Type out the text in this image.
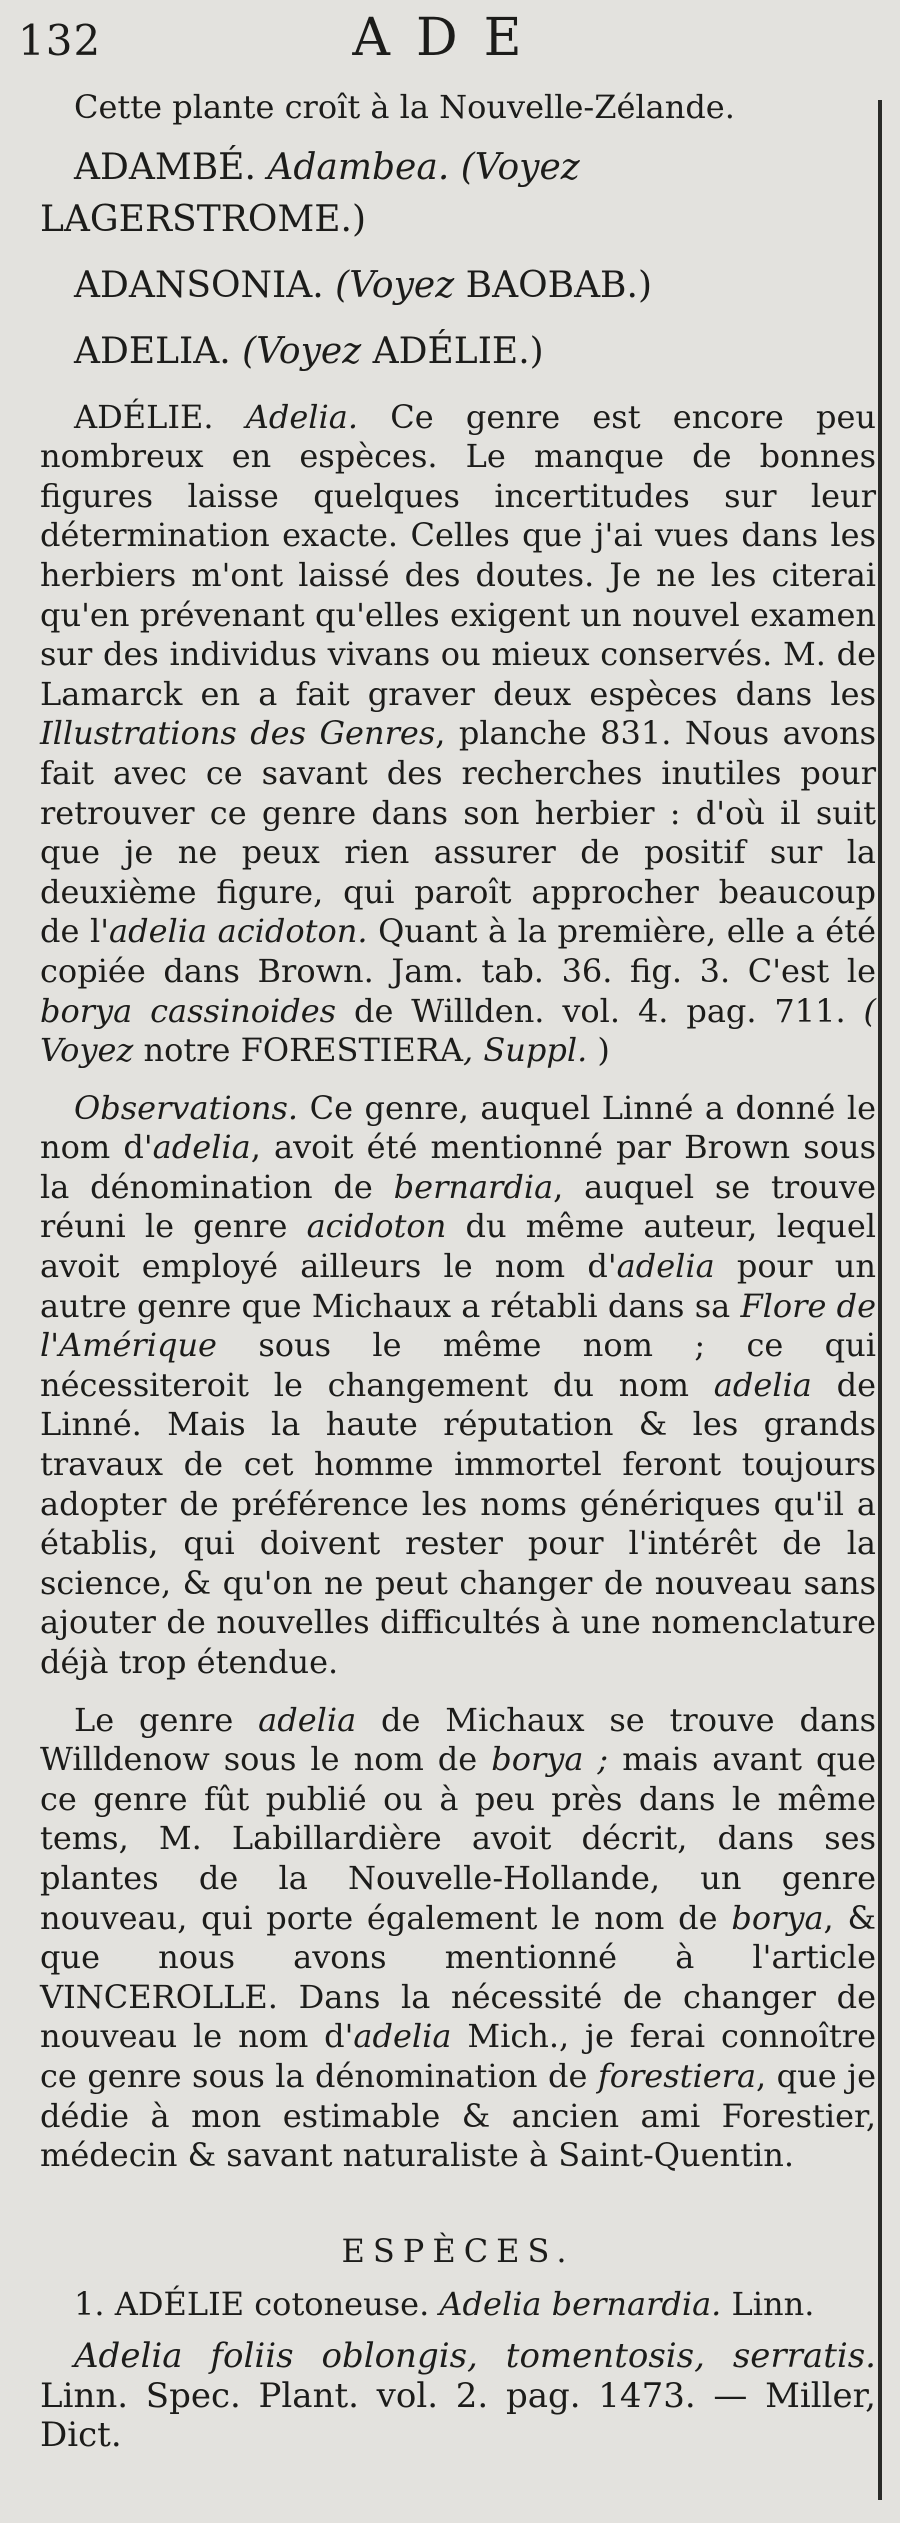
132	ADE

Cette plante croît à la Nouvelle-Zélande.

ADAMBÉ. Adambea. (Voyez LAGERSTROME.)

ADANSONIA. (Voyez BAOBAB.)

ADELIA. (Voyez ADÉLIE.)

ADÉLIE. Adelia. Ce genre est encore peu nombreux en espèces. Le manque de bonnes figures laisse quelques incertitudes sur leur détermination exacte. Celles que j'ai vues dans les herbiers m'ont laissé des doutes. Je ne les citerai qu'en prévenant qu'elles exigent un nouvel examen sur des individus vivans ou mieux conservés. M. de Lamarck en a fait graver deux espèces dans les Illustrations des Genres, planche 831. Nous avons fait avec ce savant des recherches inutiles pour retrouver ce genre dans son herbier : d'où il suit que je ne peux rien assurer de positif sur la deuxième figure, qui paroît approcher beaucoup de l'adelia acidoton. Quant à la première, elle a été copiée dans Brown. Jam. tab. 36. fig. 3. C'est le borya cassinoides de Willden. vol. 4. pag. 711. ( Voyez notre FORESTIERA, Suppl. )

Observations. Ce genre, auquel Linné a donné le nom d'adelia, avoit été mentionné par Brown sous la dénomination de bernardia, auquel se trouve réuni le genre acidoton du même auteur, lequel avoit employé ailleurs le nom d'adelia pour un autre genre que Michaux a rétabli dans sa Flore de l'Amérique sous le même nom ; ce qui nécessiteroit le changement du nom adelia de Linné. Mais la haute réputation & les grands travaux de cet homme immortel feront toujours adopter de préférence les noms génériques qu'il a établis, qui doivent rester pour l'intérêt de la science, & qu'on ne peut changer de nouveau sans ajouter de nouvelles difficultés à une nomenclature déjà trop étendue.

Le genre adelia de Michaux se trouve dans Willdenow sous le nom de borya ; mais avant que ce genre fût publié ou à peu près dans le même tems, M. Labillardière avoit décrit, dans ses plantes de la Nouvelle-Hollande, un genre nouveau, qui porte également le nom de borya, & que nous avons mentionné à l'article VINCEROLLE. Dans la nécessité de changer de nouveau le nom d'adelia Mich., je ferai connoître ce genre sous la dénomination de forestiera, que je dédie à mon estimable & ancien ami Forestier, médecin & savant naturaliste à Saint-Quentin.

ESPÈCES.

1. ADÉLIE cotoneuse. Adelia bernardia. Linn.

Adelia foliis oblongis, tomentosis, serratis. Linn. Spec. Plant. vol. 2. pag. 1473. — Miller, Dict.
